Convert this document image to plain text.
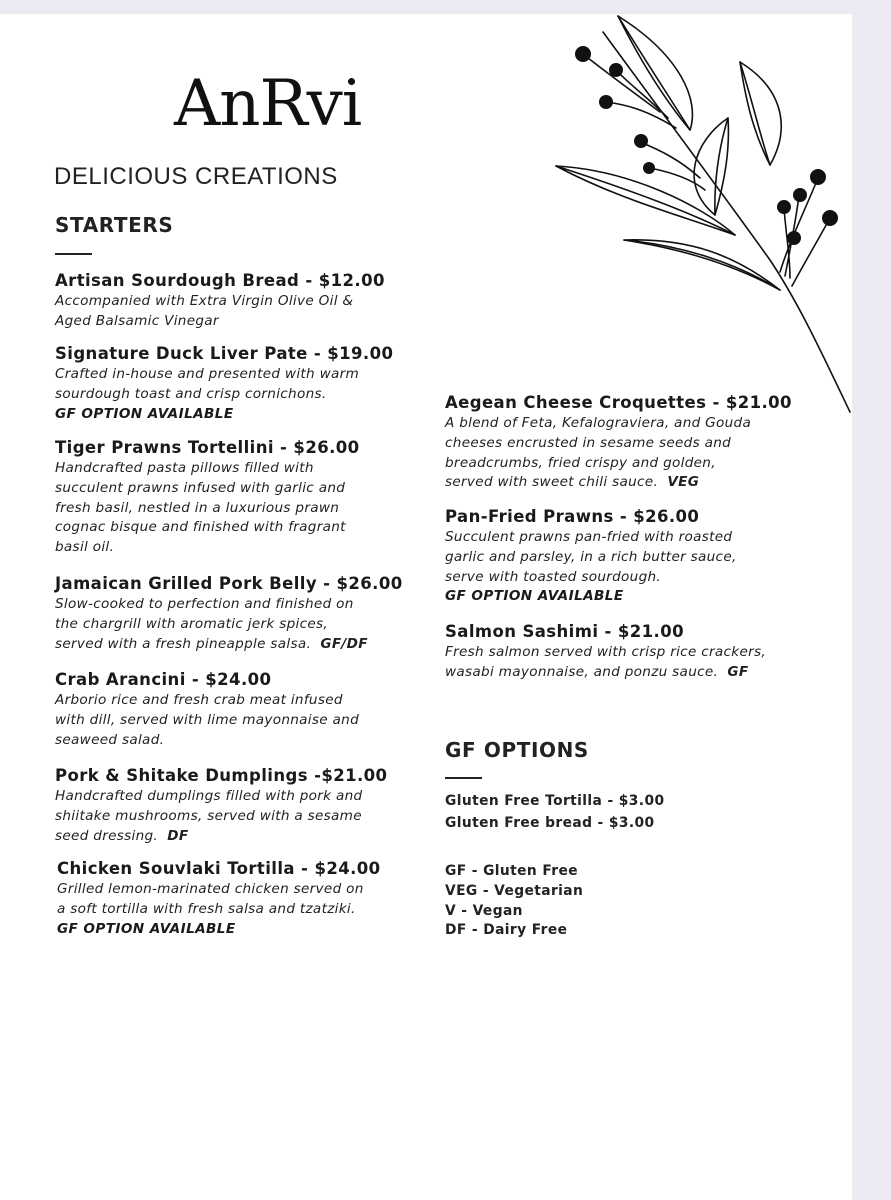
AnRvi
DELICIOUS CREATIONS
STARTERS
Artisan Sourdough Bread - $12.00
Accompanied with Extra Virgin Olive Oil &
Aged Balsamic Vinegar
Signature Duck Liver Pate - $19.00
Crafted in-house and presented with warm
sourdough toast and crisp cornichons.
GF OPTION AVAILABLE
Tiger Prawns Tortellini - $26.00
Handcrafted pasta pillows filled with
succulent prawns infused with garlic and
fresh basil, nestled in a luxurious prawn
cognac bisque and finished with fragrant
basil oil.
Jamaican Grilled Pork Belly - $26.00
Slow-cooked to perfection and finished on
the chargrill with aromatic jerk spices,
served with a fresh pineapple salsa. GF/DF
Crab Arancini - $24.00
Arborio rice and fresh crab meat infused
with dill, served with lime mayonnaise and
seaweed salad.
Pork & Shitake Dumplings -$21.00
Handcrafted dumplings filled with pork and
shiitake mushrooms, served with a sesame
seed dressing. DF
Chicken Souvlaki Tortilla - $24.00
Grilled lemon-marinated chicken served on
a soft tortilla with fresh salsa and tzatziki.
GF OPTION AVAILABLE
Aegean Cheese Croquettes - $21.00
A blend of Feta, Kefalograviera, and Gouda
cheeses encrusted in sesame seeds and
breadcrumbs, fried crispy and golden,
served with sweet chili sauce. VEG
Pan-Fried Prawns - $26.00
Succulent prawns pan-fried with roasted
garlic and parsley, in a rich butter sauce,
serve with toasted sourdough.
GF OPTION AVAILABLE
Salmon Sashimi - $21.00
Fresh salmon served with crisp rice crackers,
wasabi mayonnaise, and ponzu sauce. GF
GF OPTIONS
Gluten Free Tortilla - $3.00
Gluten Free bread - $3.00
GF - Gluten Free
VEG - Vegetarian
V - Vegan
DF - Dairy Free
